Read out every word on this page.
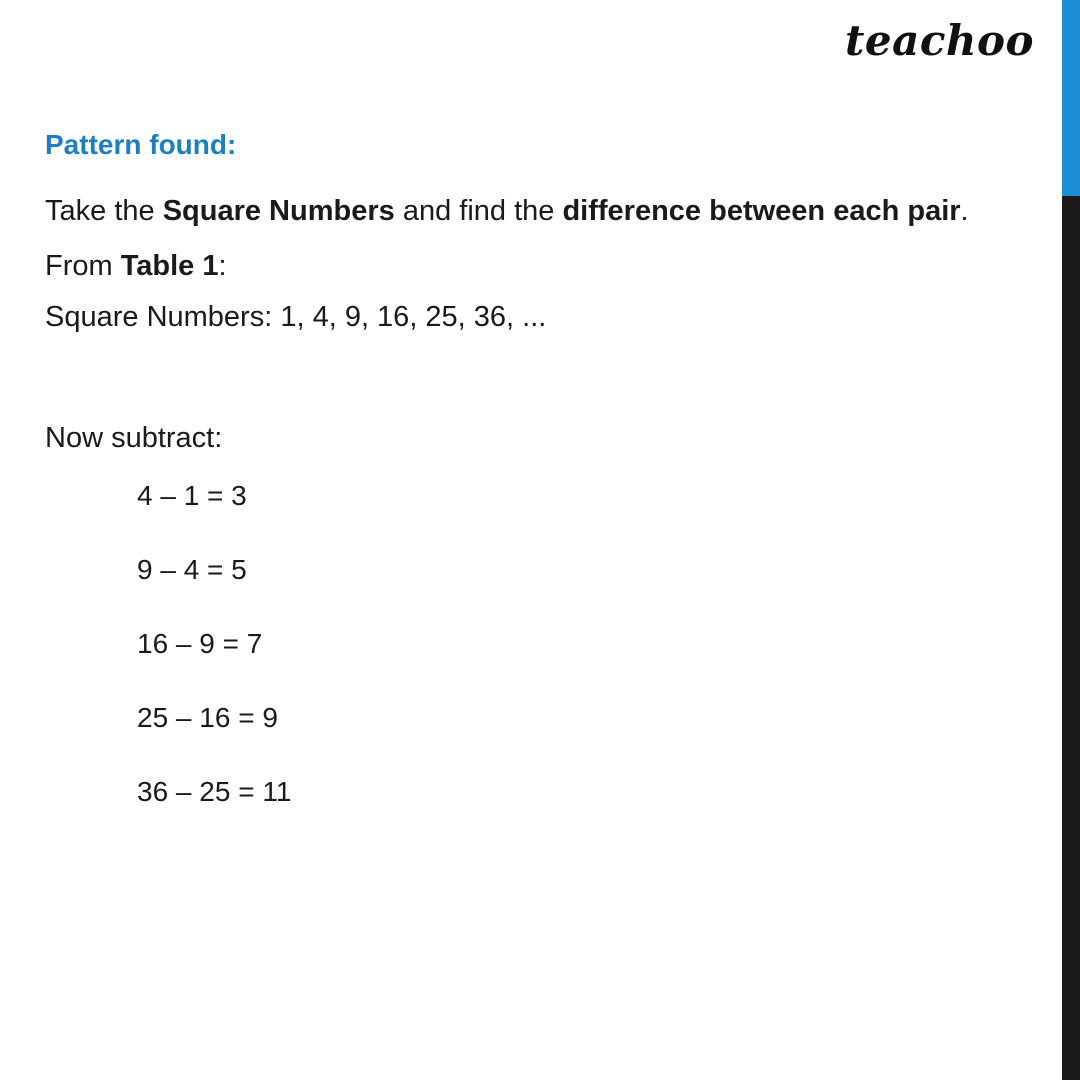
teachoo
Pattern found:
Take the Square Numbers and find the difference between each pair.
From Table 1:
Square Numbers: 1, 4, 9, 16, 25, 36, ...
Now subtract:
4 – 1 = 3
9 – 4 = 5
16 – 9 = 7
25 – 16 = 9
36 – 25 = 11
